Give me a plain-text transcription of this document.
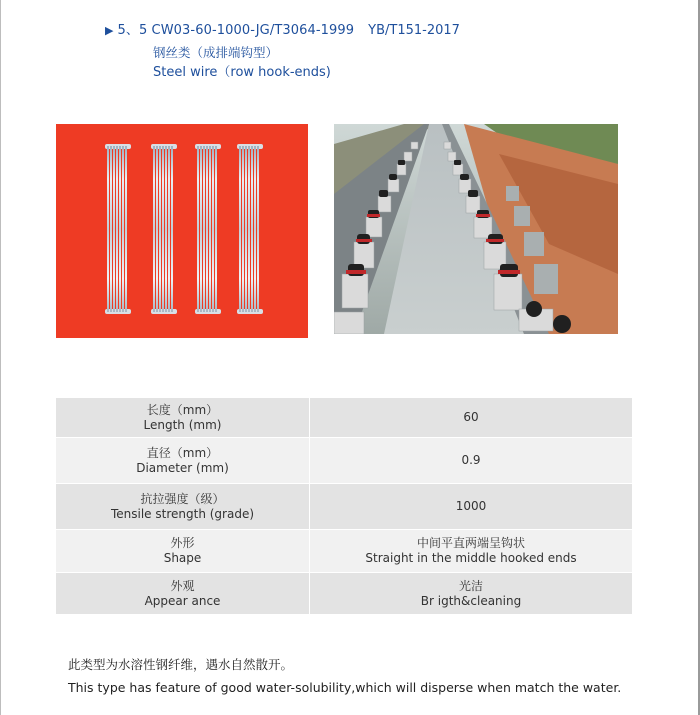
▶ 5、5 CW03-60-1000-JG/T3064-1999 YB/T151-2017
钢丝类（成排端钩型）
Steel wire（row hook-ends)
长度（mm）
Length (mm)
60
直径（mm）
Diameter (mm)
0.9
抗拉强度（级）
Tensile strength (grade)
1000
外形
Shape
中间平直两端呈钩状
Straight in the middle hooked ends
外观
Appear ance
光洁
Br igth&cleaning
此类型为水溶性钢纤维，遇水自然散开。
This type has feature of good water-solubility,which will disperse when match the water.
